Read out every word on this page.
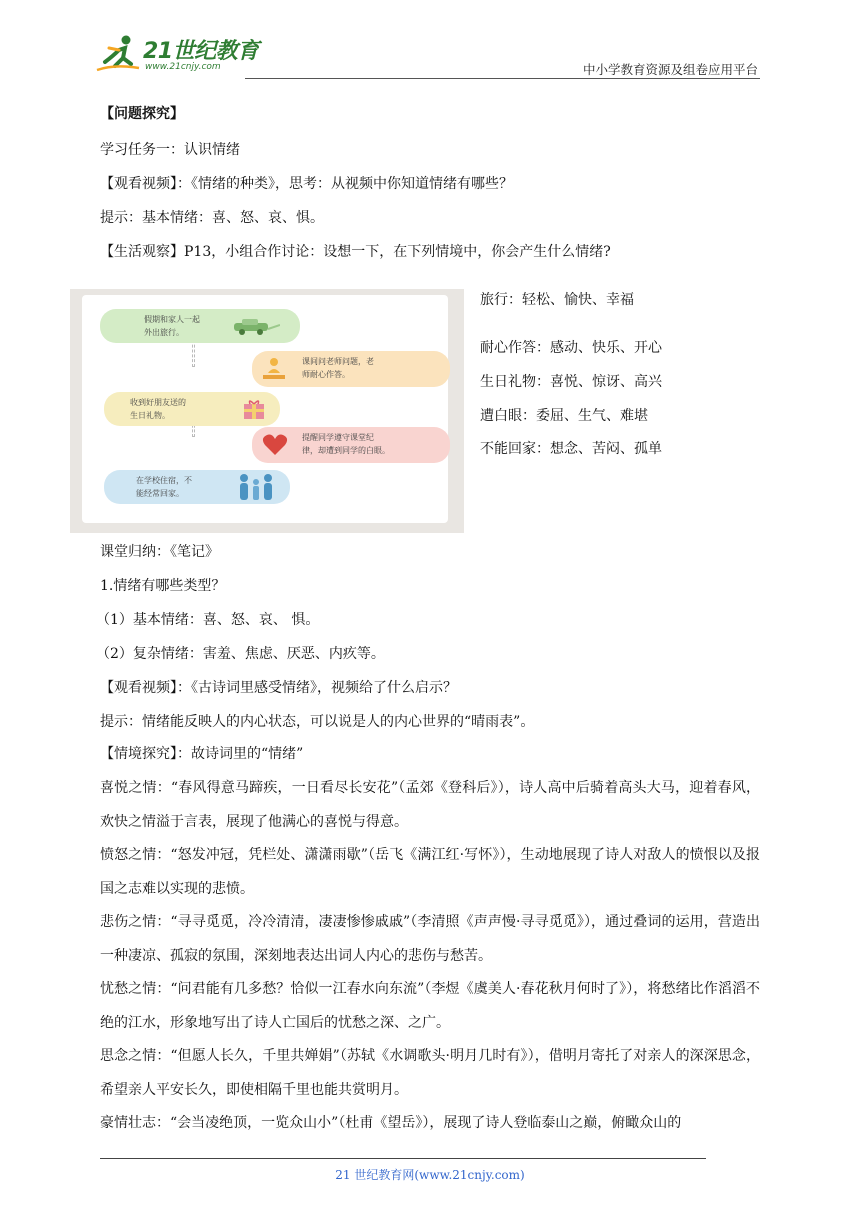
21世纪教育
www.21cnjy.com	中小学教育资源及组卷应用平台
【问题探究】
学习任务一：认识情绪
【观看视频】：《情绪的种类》，思考：从视频中你知道情绪有哪些？
提示：基本情绪：喜、怒、哀、惧。
【生活观察】P13，小组合作讨论：设想一下，在下列情境中，你会产生什么情绪?
假期和家人一起
外出旅行。
课间问老师问题，老
师耐心作答。
收到好朋友送的
生日礼物。
提醒同学遵守课堂纪
律，却遭到同学的白眼。
在学校住宿，不
能经常回家。
旅行：轻松、愉快、幸福
耐心作答：感动、快乐、开心
生日礼物：喜悦、惊讶、高兴
遭白眼：委屈、生气、难堪
不能回家：想念、苦闷、孤单
课堂归纳：《笔记》
1.情绪有哪些类型？
（1）基本情绪：喜、怒、哀、 惧。
（2）复杂情绪：害羞、焦虑、厌恶、内疚等。
【观看视频】：《古诗词里感受情绪》，视频给了什么启示？
提示：情绪能反映人的内心状态，可以说是人的内心世界的“晴雨表”。
【情境探究】：故诗词里的“情绪”
喜悦之情：“春风得意马蹄疾，一日看尽长安花”（孟郊《登科后》），诗人高中后骑着高头大马，迎着春风，欢快之情溢于言表，展现了他满心的喜悦与得意。
愤怒之情：“怒发冲冠，凭栏处、潇潇雨歇”（岳飞《满江红·写怀》），生动地展现了诗人对敌人的愤恨以及报国之志难以实现的悲愤。
悲伤之情：“寻寻觅觅，冷冷清清，凄凄惨惨戚戚”（李清照《声声慢·寻寻觅觅》），通过叠词的运用，营造出一种凄凉、孤寂的氛围，深刻地表达出词人内心的悲伤与愁苦。
忧愁之情：“问君能有几多愁？恰似一江春水向东流”（李煜《虞美人·春花秋月何时了》），将愁绪比作滔滔不绝的江水，形象地写出了诗人亡国后的忧愁之深、之广。
思念之情：“但愿人长久，千里共婵娟”（苏轼《水调歌头·明月几时有》），借明月寄托了对亲人的深深思念，希望亲人平安长久，即使相隔千里也能共赏明月。
豪情壮志：“会当凌绝顶，一览众山小”（杜甫《望岳》），展现了诗人登临泰山之巅，俯瞰众山的
21 世纪教育网(www.21cnjy.com)
